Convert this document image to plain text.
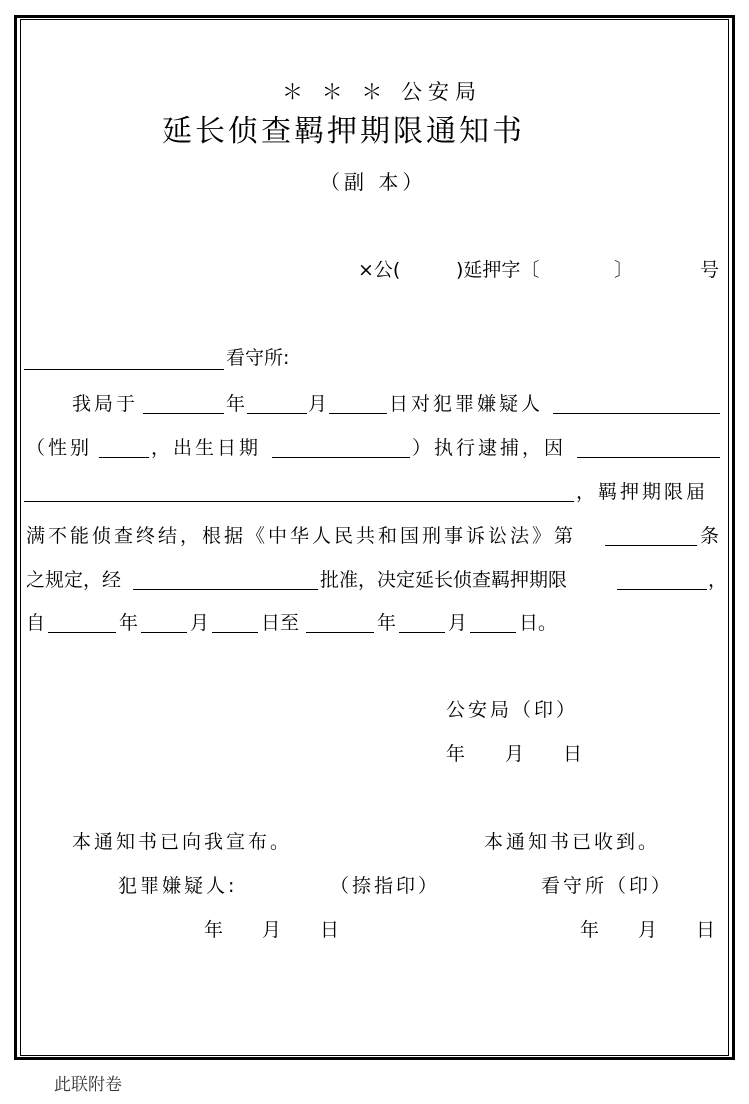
＊ ＊ ＊ 公安局
延长侦查羁押期限通知书
（副 本）
×公(	)延押字〔	〕	号
看守所:
我局于	年	月	日对犯罪嫌疑人
（性别	，出生日期	）执行逮捕，因
，羁押期限届
满不能侦查终结，根据《中华人民共和国刑事诉讼法》第	条
之规定，经	批准，决定延长侦查羁押期限	，
自	年	月	日至	年	月	日。
公安局（印）
年 月 日
本通知书已向我宣布。
犯罪嫌疑人:	（捺指印）
年 月 日
本通知书已收到。
看守所（印）
年 月 日
此联附卷
